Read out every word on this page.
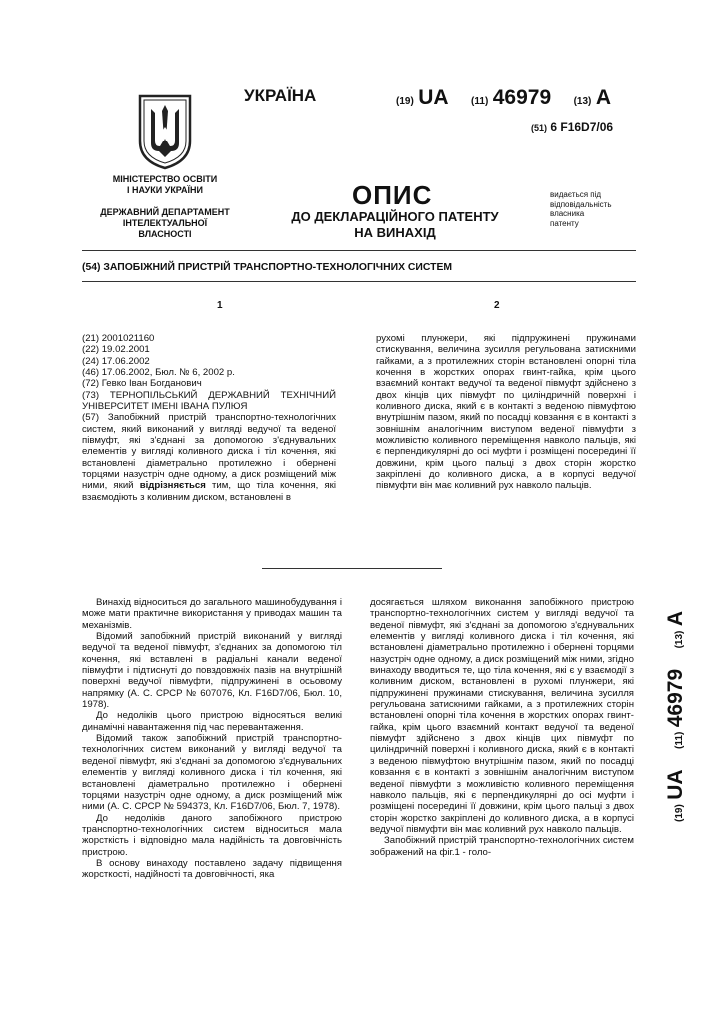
МІНІСТЕРСТВО ОСВІТИ
І НАУКИ УКРАЇНИ
ДЕРЖАВНИЙ ДЕПАРТАМЕНТ
ІНТЕЛЕКТУАЛЬНОЇ
ВЛАСНОСТІ
УКРАЇНА	(19) UA (11) 46979 (13) A
(51) 6 F16D7/06
ОПИС
ДО ДЕКЛАРАЦІЙНОГО ПАТЕНТУ
НА ВИНАХІД
видається під
відповідальність
власника
патенту
(54) ЗАПОБІЖНИЙ ПРИСТРІЙ ТРАНСПОРТНО-ТЕХНОЛОГІЧНИХ СИСТЕМ
1	2

(21) 2001021160

(22) 19.02.2001

(24) 17.06.2002

(46) 17.06.2002, Бюл. № 6, 2002 р.

(72) Гевко Іван Богданович

(73) ТЕРНОПІЛЬСЬКИЙ ДЕРЖАВНИЙ ТЕХНІЧНИЙ УНІВЕРСИТЕТ ІМЕНІ ІВАНА ПУЛЮЯ

(57) Запобіжний пристрій транспортно-технологічних систем, який виконаний у вигляді ведучої та веденої півмуфт, які з'єднані за допомогою з'єднувальних елементів у вигляді коливного диска і тіл кочення, які встановлені діаметрально протилежно і обернені торцями назустріч одне одному, а диск розміщений між ними, який відрізняється тим, що тіла кочення, які взаємодіють з коливним диском, встановлені в

рухомі плунжери, які підпружинені пружинами стискування, величина зусилля регульована затискними гайками, а з протилежних сторін встановлені опорні тіла кочення в жорстких опорах гвинт-гайка, крім цього взаємний контакт ведучої та веденої півмуфт здійснено з двох кінців цих півмуфт по циліндричній поверхні і коливного диска, який є в контакті з веденою півмуфтою внутрішнім пазом, який по посадці ковзання є в контакті з зовнішнім аналогічним виступом веденої півмуфти з можливістю коливного переміщення навколо пальців, які є перпендикулярні до осі муфти і розміщені посередині її довжини, крім цього пальці з двох сторін жорстко закріплені до коливного диска, а в корпусі ведучої півмуфти він має коливний рух навколо пальців.

Винахід відноситься до загального машинобудування і може мати практичне використання у приводах машин та механізмів.

Відомий запобіжний пристрій виконаний у вигляді ведучої та веденої півмуфт, з'єднаних за допомогою тіл кочення, які вставлені в радіальні канали веденої півмуфти і підтиснуті до повздовжніх пазів на внутрішній поверхні ведучої півмуфти, підпружинені в осьовому напрямку (А. С. СРСР № 607076, Кл. F16D7/06, Бюл. 10, 1978).

До недоліків цього пристрою відносяться великі динамічні навантаження під час перевантаження.

Відомий також запобіжний пристрій транспортно-технологічних систем виконаний у вигляді ведучої та веденої півмуфт, які з'єднані за допомогою з'єднувальних елементів у вигляді коливного диска і тіл кочення, які встановлені діаметрально протилежно і обернені торцями назустріч одне одному, а диск розміщений між ними (А. С. СРСР № 594373, Кл. F16D7/06, Бюл. 7, 1978).

До недоліків даного запобіжного пристрою транспортно-технологічних систем відноситься мала жорсткість і відповідно мала надійність та довговічність пристрою.

В основу винаходу поставлено задачу підвищення жорсткості, надійності та довговічності, яка

досягається шляхом виконання запобіжного пристрою транспортно-технологічних систем у вигляді ведучої та веденої півмуфт, які з'єднані за допомогою з'єднувальних елементів у вигляді коливного диска і тіл кочення, які встановлені діаметрально протилежно і обернені торцями назустріч одне одному, а диск розміщений між ними, згідно винаходу вводиться те, що тіла кочення, які є у взаємодії з коливним диском, встановлені в рухомі плунжери, які підпружинені пружинами стискування, величина зусилля регульована затискними гайками, а з протилежних сторін встановлені опорні тіла кочення в жорстких опорах гвинт-гайка, крім цього взаємний контакт ведучої та веденої півмуфт здійснено з двох кінців цих півмуфт по циліндричній поверхні і коливного диска, який є в контакті з веденою півмуфтою внутрішнім пазом, який по посадці ковзання є в контакті з зовнішнім аналогічним виступом веденої півмуфти з можливістю коливного переміщення навколо пальців, які є перпендикулярні до осі муфти і розміщені посередині її довжини, крім цього пальці з двох сторін жорстко закріплені до коливного диска, а в корпусі ведучої півмуфти він має коливний рух навколо пальців.

Запобіжний пристрій транспортно-технологічних систем зображений на фіг.1 - голо-

(19) UA (11) 46979 (13) A
